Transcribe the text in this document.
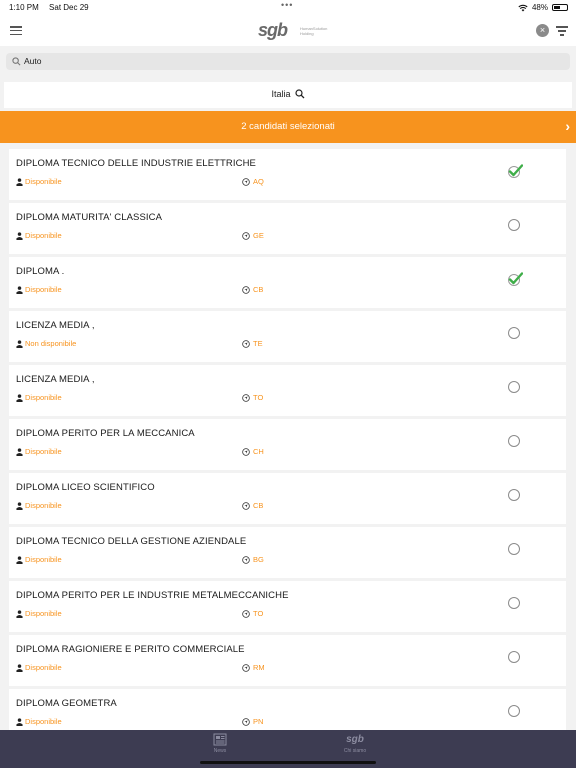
1:10 PM Sat Dec 29	•••	48%
sgb	HumanSolution
Holding	×
Auto
Italia
2 candidati selezionati	›
DIPLOMA TECNICO DELLE INDUSTRIE ELETTRICHE
Disponibile	AQ
DIPLOMA MATURITA' CLASSICA
Disponibile	GE
DIPLOMA .
Disponibile	CB
LICENZA MEDIA ,
Non disponibile	TE
LICENZA MEDIA ,
Disponibile	TO
DIPLOMA PERITO PER LA MECCANICA
Disponibile	CH
DIPLOMA LICEO SCIENTIFICO
Disponibile	CB
DIPLOMA TECNICO DELLA GESTIONE AZIENDALE
Disponibile	BG
DIPLOMA PERITO PER LE INDUSTRIE METALMECCANICHE
Disponibile	TO
DIPLOMA RAGIONIERE E PERITO COMMERCIALE
Disponibile	RM
DIPLOMA GEOMETRA
Disponibile	PN
News
sgb
Chi siamo
